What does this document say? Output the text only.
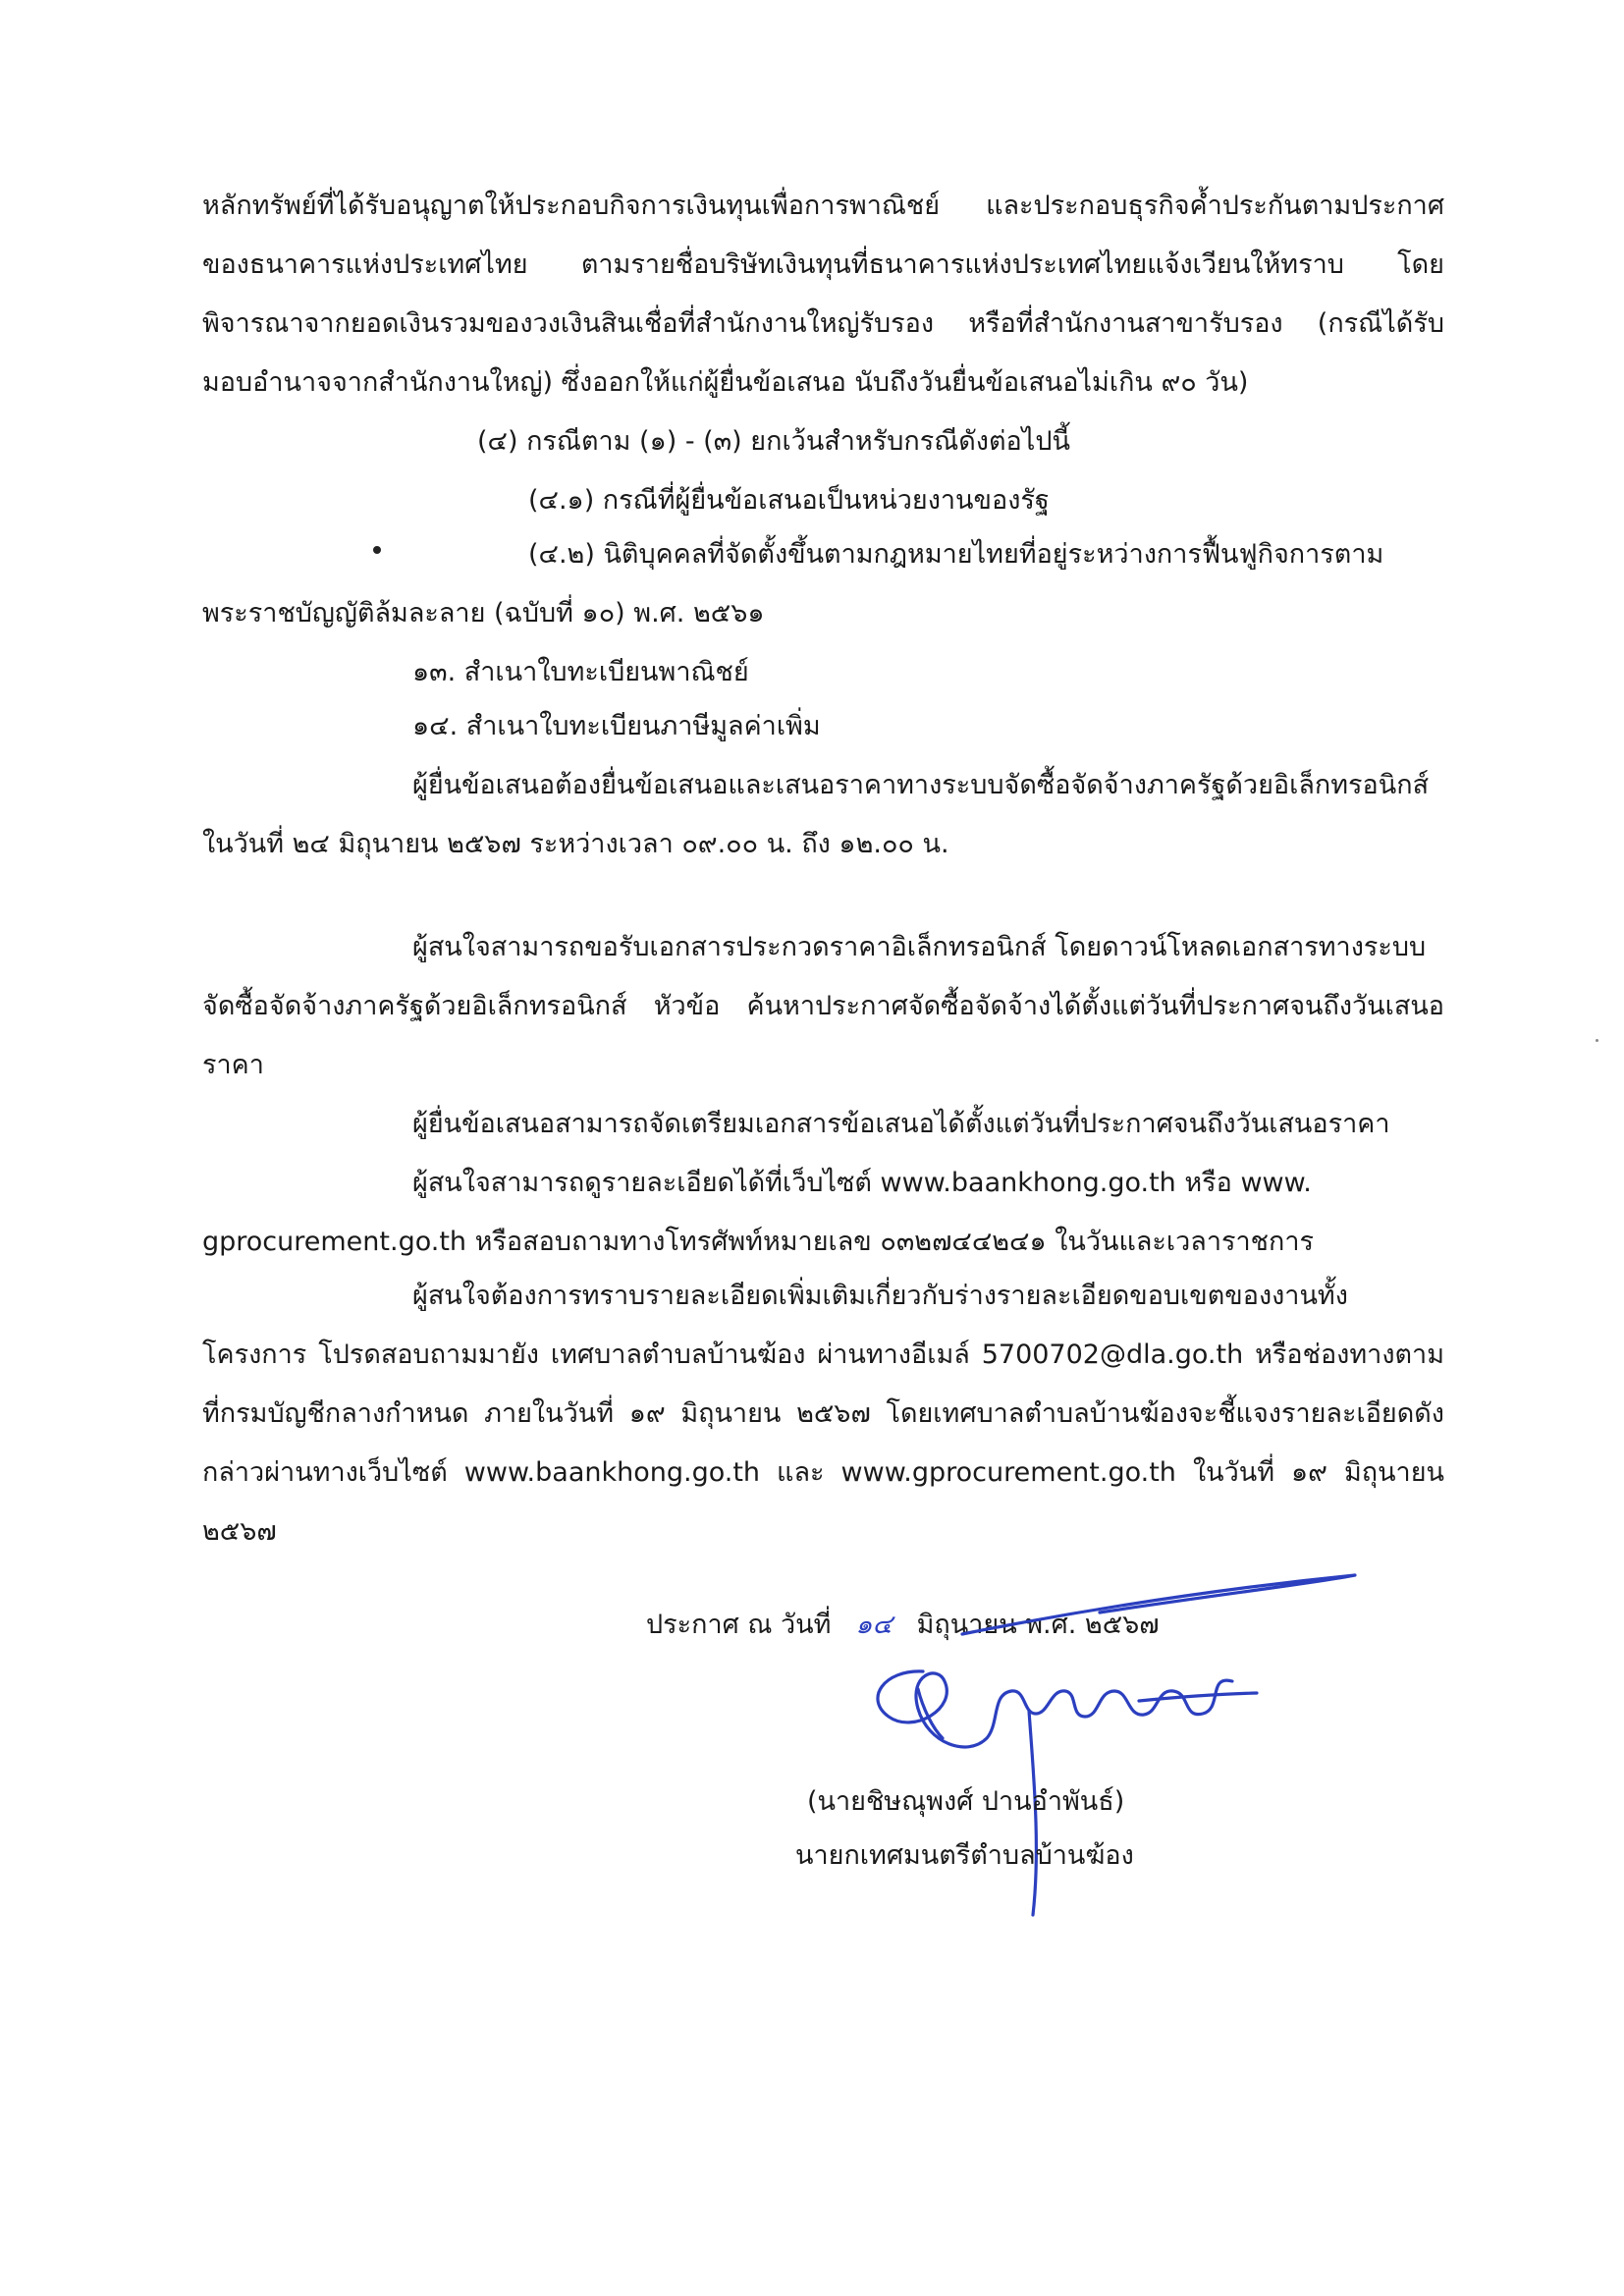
หลักทรัพย์ที่ได้รับอนุญาตให้ประกอบกิจการเงินทุนเพื่อการพาณิชย์ และประกอบธุรกิจค้ำประกันตามประกาศ
ของธนาคารแห่งประเทศไทย ตามรายชื่อบริษัทเงินทุนที่ธนาคารแห่งประเทศไทยแจ้งเวียนให้ทราบ โดย
พิจารณาจากยอดเงินรวมของวงเงินสินเชื่อที่สำนักงานใหญ่รับรอง หรือที่สำนักงานสาขารับรอง (กรณีได้รับ
มอบอำนาจจากสำนักงานใหญ่) ซึ่งออกให้แก่ผู้ยื่นข้อเสนอ นับถึงวันยื่นข้อเสนอไม่เกิน ๙๐ วัน)
(๔) กรณีตาม (๑) - (๓) ยกเว้นสำหรับกรณีดังต่อไปนี้
(๔.๑) กรณีที่ผู้ยื่นข้อเสนอเป็นหน่วยงานของรัฐ
(๔.๒) นิติบุคคลที่จัดตั้งขึ้นตามกฎหมายไทยที่อยู่ระหว่างการฟื้นฟูกิจการตาม
พระราชบัญญัติล้มละลาย (ฉบับที่ ๑๐) พ.ศ. ๒๕๖๑
๑๓. สำเนาใบทะเบียนพาณิชย์
๑๔. สำเนาใบทะเบียนภาษีมูลค่าเพิ่ม
ผู้ยื่นข้อเสนอต้องยื่นข้อเสนอและเสนอราคาทางระบบจัดซื้อจัดจ้างภาครัฐด้วยอิเล็กทรอนิกส์
ในวันที่ ๒๔ มิถุนายน ๒๕๖๗ ระหว่างเวลา ๐๙.๐๐ น. ถึง ๑๒.๐๐ น.
ผู้สนใจสามารถขอรับเอกสารประกวดราคาอิเล็กทรอนิกส์ โดยดาวน์โหลดเอกสารทางระบบ
จัดซื้อจัดจ้างภาครัฐด้วยอิเล็กทรอนิกส์ หัวข้อ ค้นหาประกาศจัดซื้อจัดจ้างได้ตั้งแต่วันที่ประกาศจนถึงวันเสนอ
ราคา
ผู้ยื่นข้อเสนอสามารถจัดเตรียมเอกสารข้อเสนอได้ตั้งแต่วันที่ประกาศจนถึงวันเสนอราคา
ผู้สนใจสามารถดูรายละเอียดได้ที่เว็บไซต์ www.baankhong.go.th หรือ www.
gprocurement.go.th หรือสอบถามทางโทรศัพท์หมายเลข ๐๓๒๗๔๔๒๔๑ ในวันและเวลาราชการ
ผู้สนใจต้องการทราบรายละเอียดเพิ่มเติมเกี่ยวกับร่างรายละเอียดขอบเขตของงานทั้ง
โครงการ โปรดสอบถามมายัง เทศบาลตำบลบ้านฆ้อง ผ่านทางอีเมล์ 5700702@dla.go.th หรือช่องทางตาม
ที่กรมบัญชีกลางกำหนด ภายในวันที่ ๑๙ มิถุนายน ๒๕๖๗ โดยเทศบาลตำบลบ้านฆ้องจะชี้แจงรายละเอียดดัง
กล่าวผ่านทางเว็บไซต์ www.baankhong.go.th และ www.gprocurement.go.th ในวันที่ ๑๙ มิถุนายน
๒๕๖๗
ประกาศ ณ วันที่ ๑๔ มิถุนายน พ.ศ. ๒๕๖๗
(นายชิษณุพงศ์ ปานอำพันธ์)
นายกเทศมนตรีตำบลบ้านฆ้อง
